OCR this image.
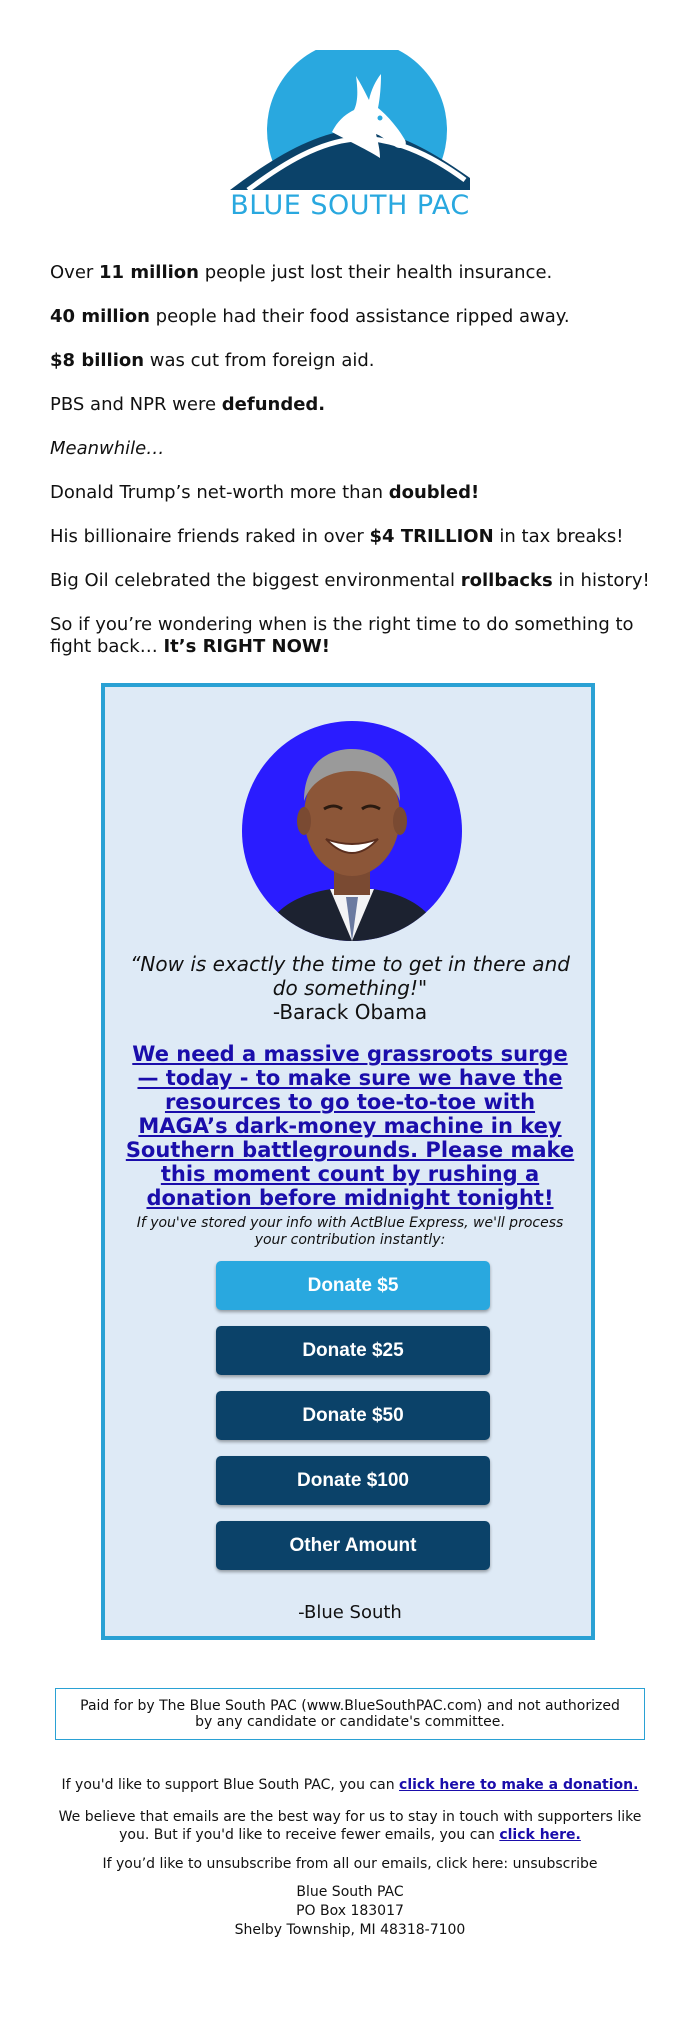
BLUE SOUTH PAC

Over 11 million people just lost their health insurance.

40 million people had their food assistance ripped away.

$8 billion was cut from foreign aid.

PBS and NPR were defunded.

Meanwhile…

Donald Trump’s net-worth more than doubled!

His billionaire friends raked in over $4 TRILLION in tax breaks!

Big Oil celebrated the biggest environmental rollbacks in history!

So if you’re wondering when is the right time to do something to fight back… It’s RIGHT NOW!

“Now is exactly the time to get in there and do something!"
-Barack Obama
We need a massive grassroots surge — today - to make sure we have the resources to go toe-to-toe with MAGA’s dark-money machine in key Southern battlegrounds. Please make this moment count by rushing a donation before midnight tonight!
If you've stored your info with ActBlue Express, we'll process your contribution instantly:
Donate $5
Donate $25
Donate $50
Donate $100
Other Amount
-Blue South
Paid for by The Blue South PAC (www.BlueSouthPAC.com) and not authorized by any candidate or candidate's committee.
If you'd like to support Blue South PAC, you can click here to make a donation.
We believe that emails are the best way for us to stay in touch with supporters like you. But if you'd like to receive fewer emails, you can click here.
If you’d like to unsubscribe from all our emails, click here: unsubscribe
Blue South PAC
PO Box 183017
Shelby Township, MI 48318-7100
